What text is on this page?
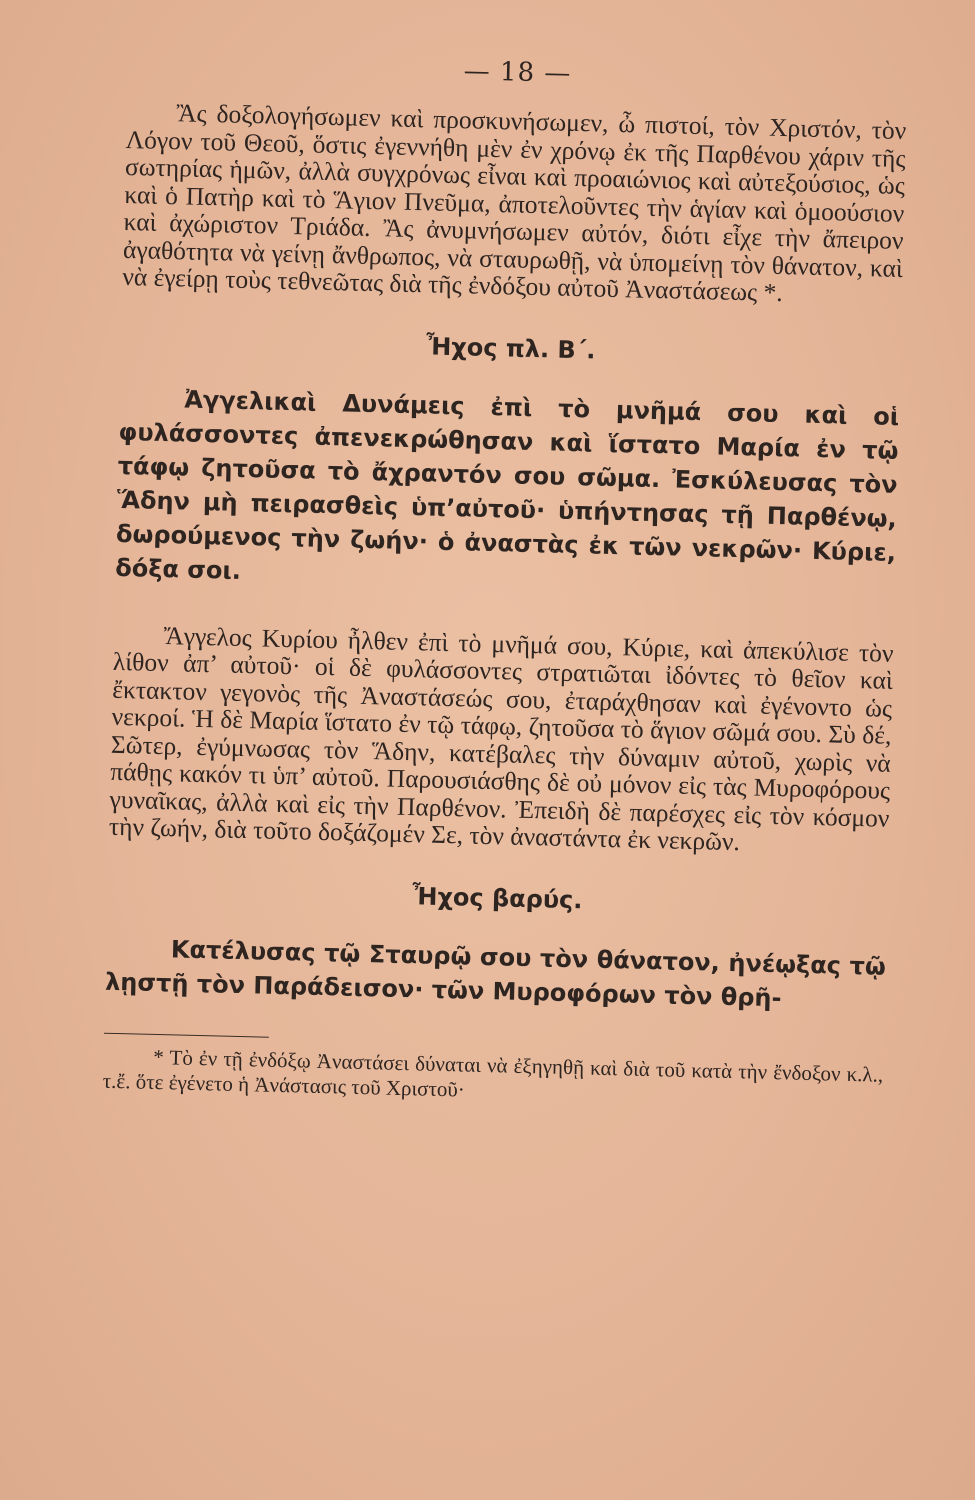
— 18 —

Ἂς δοξολογήσωμεν καὶ προσκυνήσωμεν, ὦ πιστοί, τὸν Χριστόν, τὸν Λόγον τοῦ Θεοῦ, ὅστις ἐγεννήθη μὲν ἐν χρόνῳ ἐκ τῆς Παρθένου χάριν τῆς σωτηρίας ἡμῶν, ἀλλὰ συγχρόνως εἶναι καὶ προαιώνιος καὶ αὐτεξούσιος, ὡς καὶ ὁ Πατὴρ καὶ τὸ Ἅγιον Πνεῦμα, ἀποτελοῦντες τὴν ἁγίαν καὶ ὁμοούσιον καὶ ἀχώριστον Τριάδα. Ἂς ἀνυμνήσωμεν αὐτόν, διότι εἶχε τὴν ἄπειρον ἀγαθότητα νὰ γείνῃ ἄνθρωπος, νὰ σταυρωθῇ, νὰ ὑπομείνῃ τὸν θάνατον, καὶ νὰ ἐγείρῃ τοὺς τεθνεῶτας διὰ τῆς ἐνδόξου αὐτοῦ Ἀναστάσεως *.

Ἦχος πλ. Β΄.

Ἀγγελικαὶ Δυνάμεις ἐπὶ τὸ μνῆμά σου καὶ οἱ φυλάσσοντες ἀπενεκρώθησαν καὶ ἵστατο Μαρία ἐν τῷ τάφῳ ζητοῦσα τὸ ἄχραντόν σου σῶμα. Ἐσκύλευσας τὸν Ἅδην μὴ πειρασθεὶς ὑπ’αὐτοῦ· ὑπήντησας τῇ Παρθένῳ, δωρούμενος τὴν ζωήν· ὁ ἀναστὰς ἐκ τῶν νεκρῶν· Κύριε, δόξα σοι.

Ἄγγελος Κυρίου ἦλθεν ἐπὶ τὸ μνῆμά σου, Κύριε, καὶ ἀπεκύλισε τὸν λίθον ἀπ’ αὐτοῦ· οἱ δὲ φυλάσσοντες στρατιῶται ἰδόντες τὸ θεῖον καὶ ἔκτακτον γεγονὸς τῆς Ἀναστάσεώς σου, ἐταράχθησαν καὶ ἐγένοντο ὡς νεκροί. Ἡ δὲ Μαρία ἵστατο ἐν τῷ τάφῳ, ζητοῦσα τὸ ἅγιον σῶμά σου. Σὺ δέ, Σῶτερ, ἐγύμνωσας τὸν Ἅδην, κατέβαλες τὴν δύναμιν αὐτοῦ, χωρὶς νὰ πάθῃς κακόν τι ὑπ’ αὐτοῦ. Παρουσιάσθης δὲ οὐ μόνον εἰς τὰς Μυροφόρους γυναῖκας, ἀλλὰ καὶ εἰς τὴν Παρθένον. Ἐπειδὴ δὲ παρέσχες εἰς τὸν κόσμον τὴν ζωήν, διὰ τοῦτο δοξάζομέν Σε, τὸν ἀναστάντα ἐκ νεκρῶν.

Ἦχος βαρύς.

Κατέλυσας τῷ Σταυρῷ σου τὸν θάνατον, ἠνέῳξας τῷ λῃστῇ τὸν Παράδεισον· τῶν Μυροφόρων τὸν θρῆ-

* Τὸ ἐν τῇ ἐνδόξῳ Ἀναστάσει δύναται νὰ ἐξηγηθῇ καὶ διὰ τοῦ κατὰ τὴν ἔνδοξον κ.λ., τ.ἔ. ὅτε ἐγένετο ἡ Ἀνάστασις τοῦ Χριστοῦ·
